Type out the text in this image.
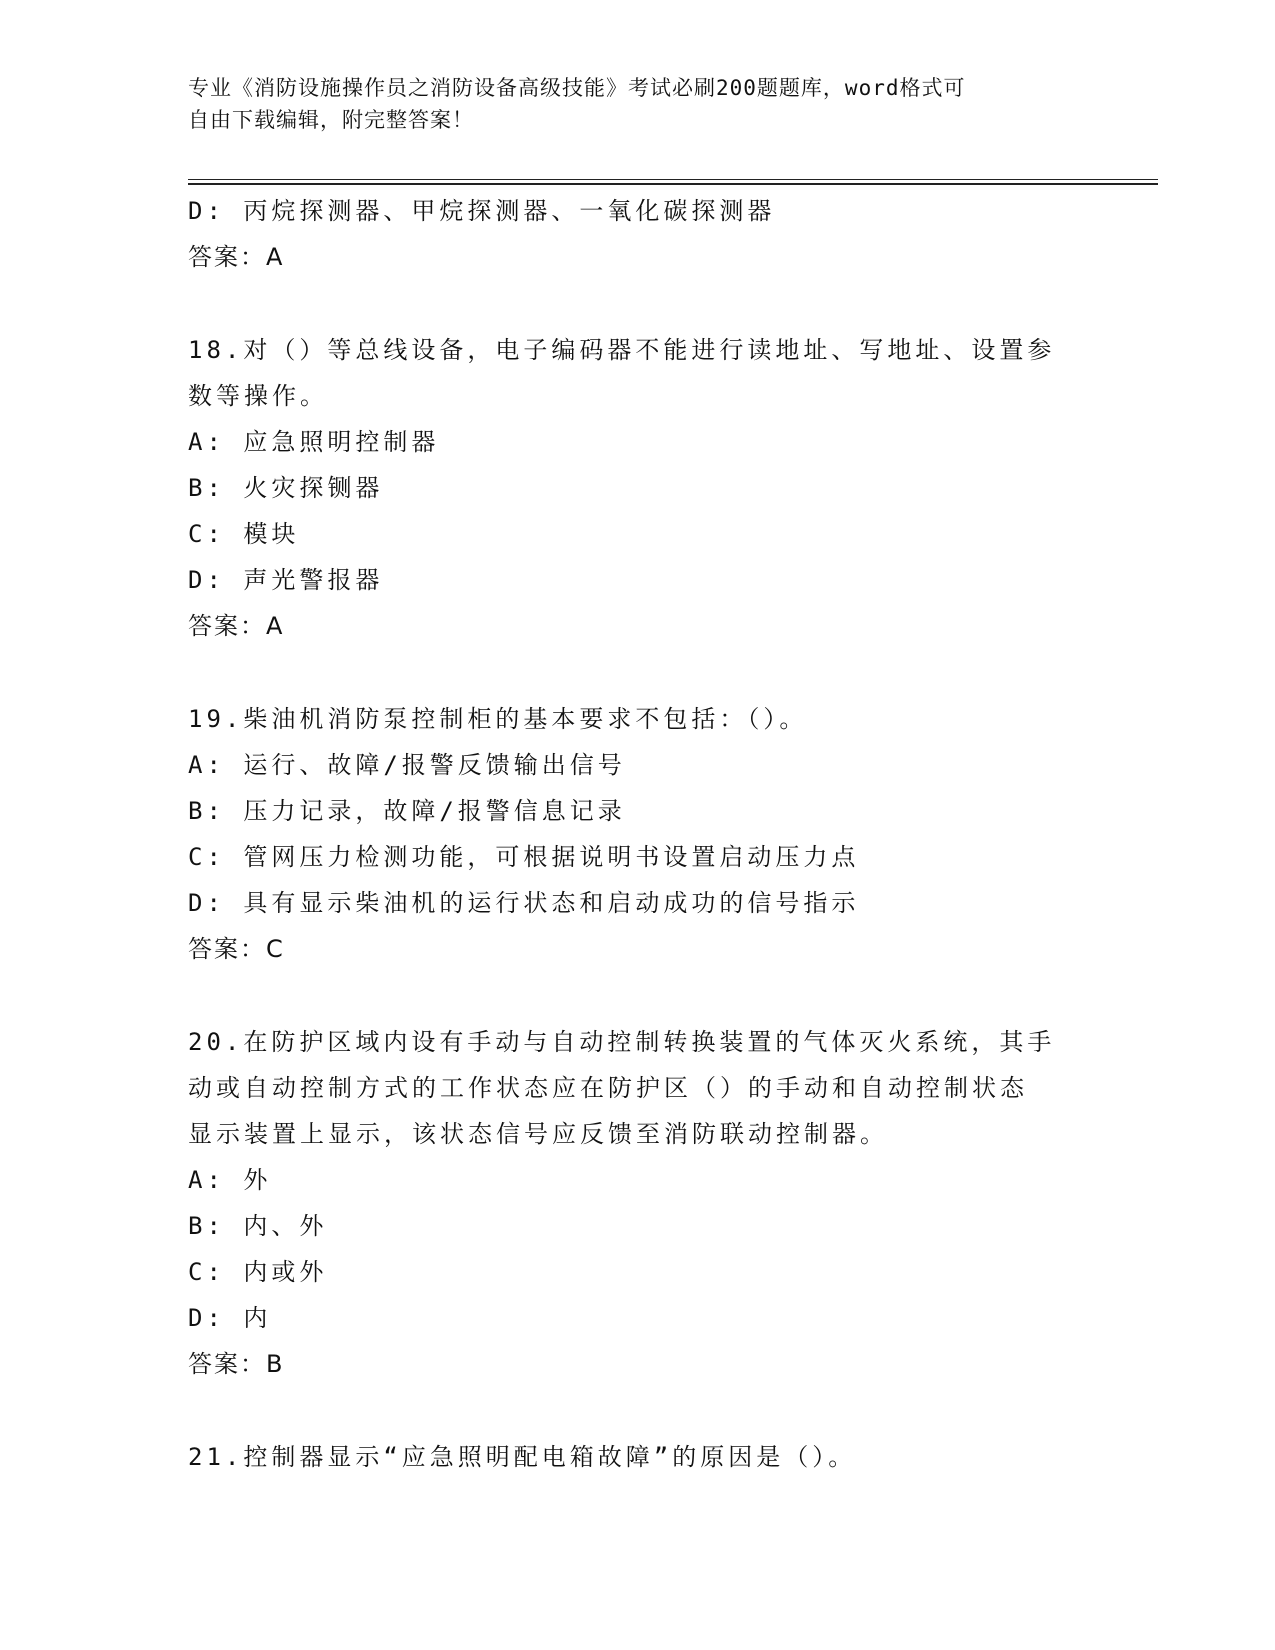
专业《消防设施操作员之消防设备高级技能》考试必刷200题题库，word格式可
自由下载编辑，附完整答案！
D: 丙烷探测器、甲烷探测器、一氧化碳探测器
答案：A
18.对（）等总线设备，电子编码器不能进行读地址、写地址、设置参
数等操作。
A: 应急照明控制器
B: 火灾探铡器
C: 模块
D: 声光警报器
答案：A
19.柴油机消防泵控制柜的基本要求不包括：（）。
A: 运行、故障/报警反馈输出信号
B: 压力记录，故障/报警信息记录
C: 管网压力检测功能，可根据说明书设置启动压力点
D: 具有显示柴油机的运行状态和启动成功的信号指示
答案：C
20.在防护区域内设有手动与自动控制转换装置的气体灭火系统，其手
动或自动控制方式的工作状态应在防护区（）的手动和自动控制状态
显示装置上显示，该状态信号应反馈至消防联动控制器。
A: 外
B: 内、外
C: 内或外
D: 内
答案：B
21.控制器显示“应急照明配电箱故障”的原因是（）。
